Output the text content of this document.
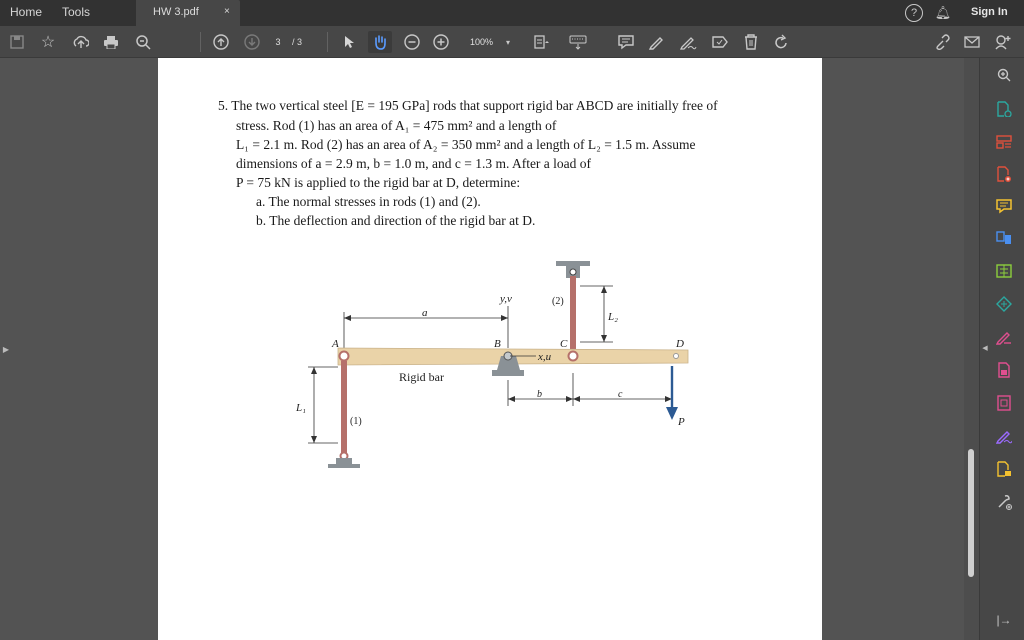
Home Tools	HW 3.pdf	×	?	🔔︎ Sign In
☆	3	/ 3	100%	▾
▶
5. The two vertical steel [E = 195 GPa] rods that support rigid bar ABCD are initially free of
stress. Rod (1) has an area of A₁ = 475 mm² and a length of
L₁ = 2.1 m. Rod (2) has an area of A₂ = 350 mm² and a length of L₂ = 1.5 m. Assume
dimensions of a = 2.9 m, b = 1.0 m, and c = 1.3 m. After a load of
P = 75 kN is applied to the rigid bar at D, determine:
a. The normal stresses in rods (1) and (2).
b. The deflection and direction of the rigid bar at D.
a
y,v	(2)
L₂
x,u
A	B	C	D
Rigid bar
(1)
L₁
b	c
P
◀
|→
